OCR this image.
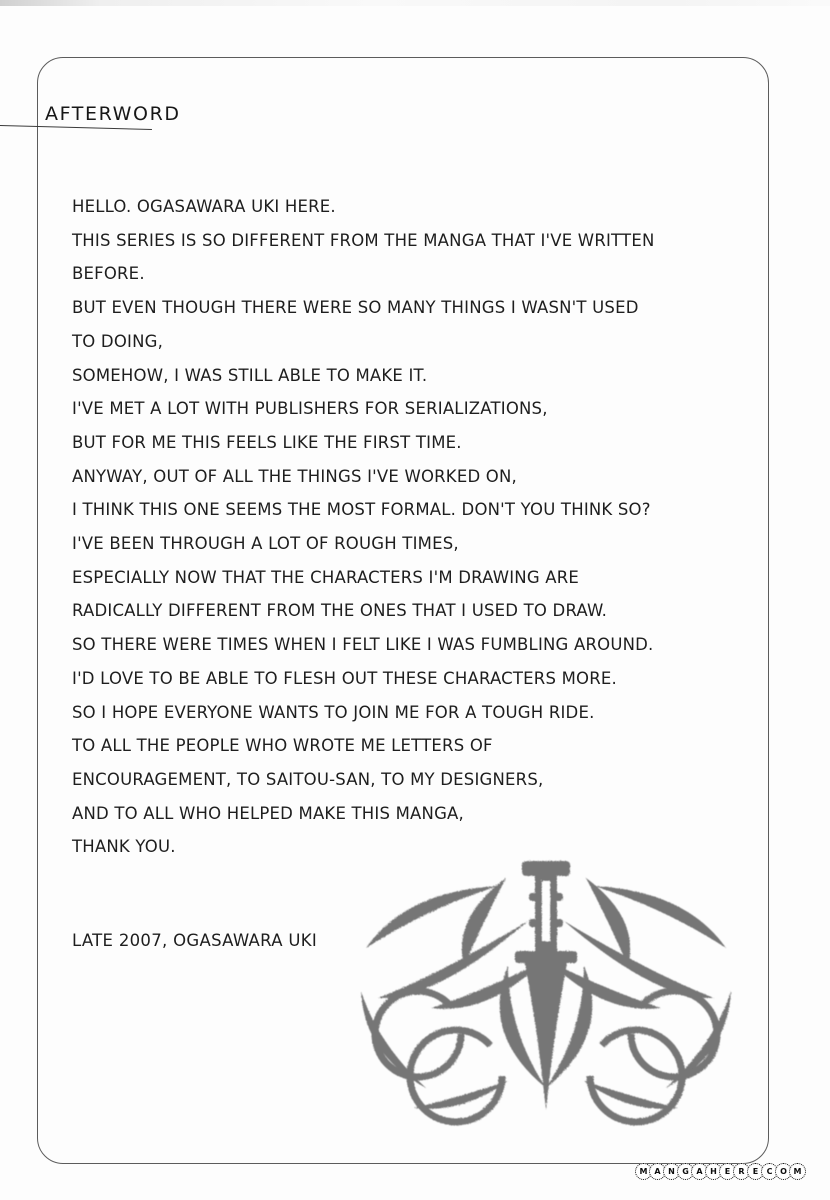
AFTERWORD
HELLO. OGASAWARA UKI HERE.
THIS SERIES IS SO DIFFERENT FROM THE MANGA THAT I'VE WRITTEN
BEFORE.
BUT EVEN THOUGH THERE WERE SO MANY THINGS I WASN'T USED
TO DOING,
SOMEHOW, I WAS STILL ABLE TO MAKE IT.
I'VE MET A LOT WITH PUBLISHERS FOR SERIALIZATIONS,
BUT FOR ME THIS FEELS LIKE THE FIRST TIME.
ANYWAY, OUT OF ALL THE THINGS I'VE WORKED ON,
I THINK THIS ONE SEEMS THE MOST FORMAL. DON'T YOU THINK SO?
I'VE BEEN THROUGH A LOT OF ROUGH TIMES,
ESPECIALLY NOW THAT THE CHARACTERS I'M DRAWING ARE
RADICALLY DIFFERENT FROM THE ONES THAT I USED TO DRAW.
SO THERE WERE TIMES WHEN I FELT LIKE I WAS FUMBLING AROUND.
I'D LOVE TO BE ABLE TO FLESH OUT THESE CHARACTERS MORE.
SO I HOPE EVERYONE WANTS TO JOIN ME FOR A TOUGH RIDE.
TO ALL THE PEOPLE WHO WROTE ME LETTERS OF
ENCOURAGEMENT, TO SAITOU-SAN, TO MY DESIGNERS,
AND TO ALL WHO HELPED MAKE THIS MANGA,
THANK YOU.
LATE 2007, OGASAWARA UKI
M A N G A H E	R	E	C O M
